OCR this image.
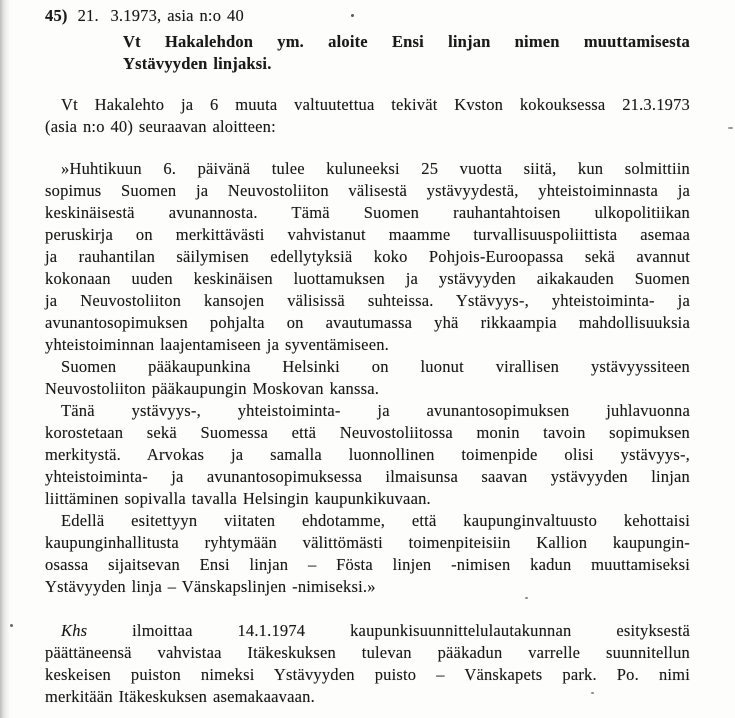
45) 21.  3.1973, asia n:o 40
Vt Hakalehdon ym. aloite Ensi linjan nimen muuttamisesta
Ystävyyden linjaksi.
Vt Hakalehto ja 6 muuta valtuutettua tekivät Kvston kokouksessa 21.3.1973
(asia n:o 40) seuraavan aloitteen:
»Huhtikuun 6. päivänä tulee kuluneeksi 25 vuotta siitä, kun solmittiin
sopimus Suomen ja Neuvostoliiton välisestä ystävyydestä, yhteistoiminnasta ja
keskinäisestä avunannosta. Tämä Suomen rauhantahtoisen ulkopolitiikan
peruskirja on merkittävästi vahvistanut maamme turvallisuuspoliittista asemaa
ja rauhantilan säilymisen edellytyksiä koko Pohjois-Euroopassa sekä avannut
kokonaan uuden keskinäisen luottamuksen ja ystävyyden aikakauden Suomen
ja Neuvostoliiton kansojen välisissä suhteissa. Ystävyys-, yhteistoiminta- ja
avunantosopimuksen pohjalta on avautumassa yhä rikkaampia mahdollisuuksia
yhteistoiminnan laajentamiseen ja syventämiseen.
Suomen pääkaupunkina Helsinki on luonut virallisen ystävyyssiteen
Neuvostoliiton pääkaupungin Moskovan kanssa.
Tänä ystävyys-, yhteistoiminta- ja avunantosopimuksen juhlavuonna
korostetaan sekä Suomessa että Neuvostoliitossa monin tavoin sopimuksen
merkitystä. Arvokas ja samalla luonnollinen toimenpide olisi ystävyys-,
yhteistoiminta- ja avunantosopimuksessa ilmaisunsa saavan ystävyyden linjan
liittäminen sopivalla tavalla Helsingin kaupunkikuvaan.
Edellä esitettyyn viitaten ehdotamme, että kaupunginvaltuusto kehottaisi
kaupunginhallitusta ryhtymään välittömästi toimenpiteisiin Kallion kaupungin-
osassa sijaitsevan Ensi linjan – Fösta linjen -nimisen kadun muuttamiseksi
Ystävyyden linja – Vänskapslinjen -nimiseksi.»
Khs	ilmoittaa 14.1.1974 kaupunkisuunnittelulautakunnan esityksestä
päättäneensä vahvistaa Itäkeskuksen tulevan pääkadun varrelle suunnitellun
keskeisen puiston nimeksi Ystävyyden puisto – Vänskapets park. Po. nimi
merkitään Itäkeskuksen asemakaavaan.
